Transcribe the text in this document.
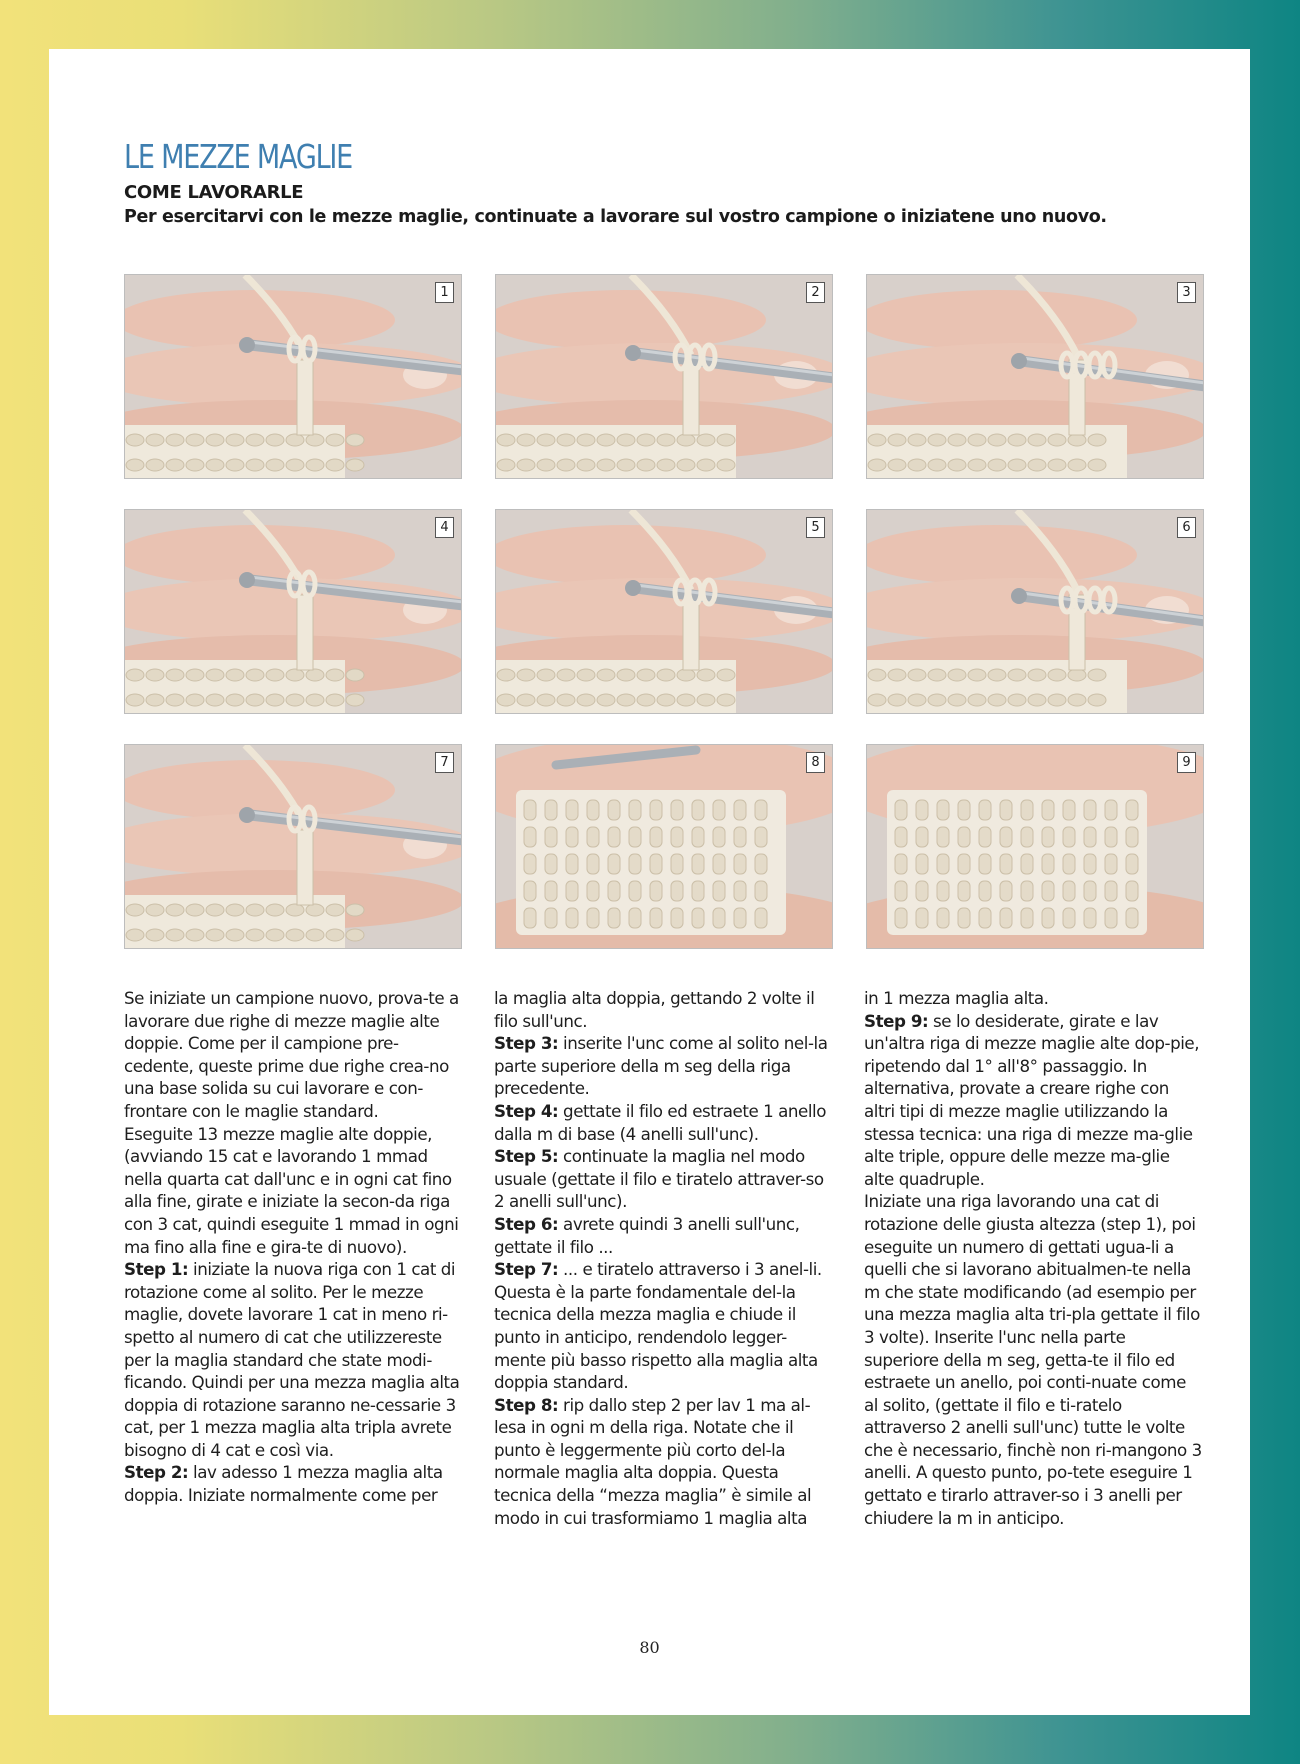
LE MEZZE MAGLIE
COME LAVORARLE
Per esercitarvi con le mezze maglie, continuate a lavorare sul vostro campione o iniziatene uno nuovo.
1	2	3
4	5	6
7	8	9

Se iniziate un campione nuovo, prova-te a lavorare due righe di mezze maglie alte doppie. Come per il campione pre-cedente, queste prime due righe crea-no una base solida su cui lavorare e con-frontare con le maglie standard.

Eseguite 13 mezze maglie alte doppie, (avviando 15 cat e lavorando 1 mmad nella quarta cat dall'unc e in ogni cat fino alla fine, girate e iniziate la secon-da riga con 3 cat, quindi eseguite 1 mmad in ogni ma fino alla fine e gira-te di nuovo).

Step 1: iniziate la nuova riga con 1 cat di rotazione come al solito. Per le mezze maglie, dovete lavorare 1 cat in meno ri-spetto al numero di cat che utilizzereste per la maglia standard che state modi-ficando. Quindi per una mezza maglia alta doppia di rotazione saranno ne-cessarie 3 cat, per 1 mezza maglia alta tripla avrete bisogno di 4 cat e così via.

Step 2: lav adesso 1 mezza maglia alta doppia. Iniziate normalmente come per

la maglia alta doppia, gettando 2 volte il filo sull'unc.

Step 3: inserite l'unc come al solito nel-la parte superiore della m seg della riga precedente.

Step 4: gettate il filo ed estraete 1 anello dalla m di base (4 anelli sull'unc).

Step 5: continuate la maglia nel modo usuale (gettate il filo e tiratelo attraver-so 2 anelli sull'unc).

Step 6: avrete quindi 3 anelli sull'unc, gettate il filo ...

Step 7: ... e tiratelo attraverso i 3 anel-li. Questa è la parte fondamentale del-la tecnica della mezza maglia e chiude il punto in anticipo, rendendolo legger-mente più basso rispetto alla maglia alta doppia standard.

Step 8: rip dallo step 2 per lav 1 ma al-lesa in ogni m della riga. Notate che il punto è leggermente più corto del-la normale maglia alta doppia. Questa tecnica della “mezza maglia” è simile al modo in cui trasformiamo 1 maglia alta

in 1 mezza maglia alta.

Step 9: se lo desiderate, girate e lav un'altra riga di mezze maglie alte dop-pie, ripetendo dal 1° all'8° passaggio. In alternativa, provate a creare righe con altri tipi di mezze maglie utilizzando la stessa tecnica: una riga di mezze ma-glie alte triple, oppure delle mezze ma-glie alte quadruple.

Iniziate una riga lavorando una cat di rotazione delle giusta altezza (step 1), poi eseguite un numero di gettati ugua-li a quelli che si lavorano abitualmen-te nella m che state modificando (ad esempio per una mezza maglia alta tri-pla gettate il filo 3 volte). Inserite l'unc nella parte superiore della m seg, getta-te il filo ed estraete un anello, poi conti-nuate come al solito, (gettate il filo e ti-ratelo attraverso 2 anelli sull'unc) tutte le volte che è necessario, finchè non ri-mangono 3 anelli. A questo punto, po-tete eseguire 1 gettato e tirarlo attraver-so i 3 anelli per chiudere la m in anticipo.

80
